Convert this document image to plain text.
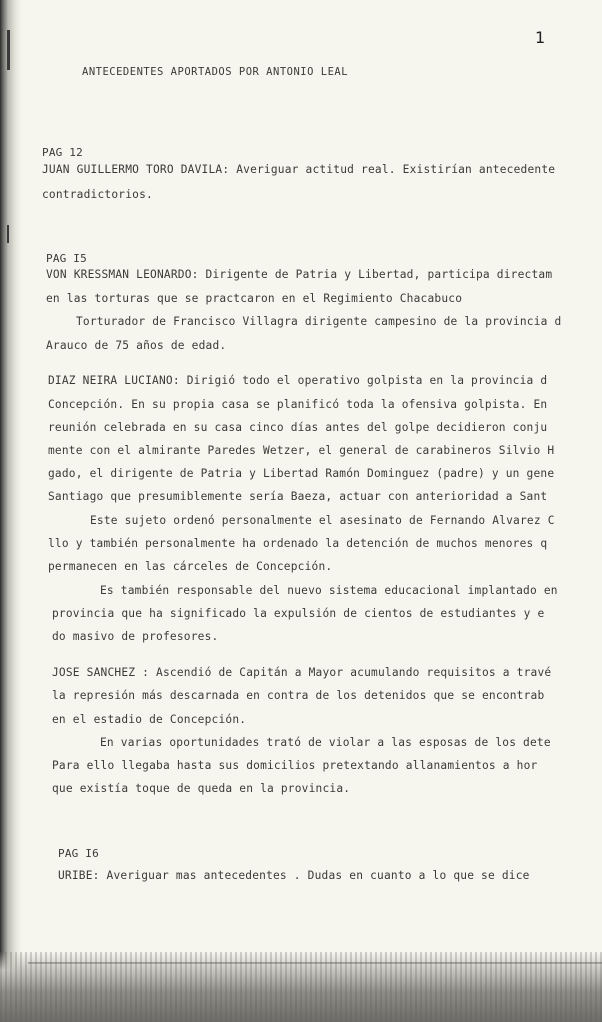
1
ANTECEDENTES APORTADOS POR ANTONIO LEAL
PAG 12
JUAN GUILLERMO TORO DAVILA: Averiguar actitud real. Existirían antecedente
contradictorios.
PAG I5
VON KRESSMAN LEONARDO: Dirigente de Patria y Libertad, participa directam
en las torturas que se practcaron en el Regimiento Chacabuco
Torturador de Francisco Villagra dirigente campesino de la provincia d
Arauco de 75 años de edad.
DIAZ NEIRA LUCIANO: Dirigió todo el operativo golpista en la provincia d
Concepción. En su propia casa se planificó toda la ofensiva golpista. En
reunión celebrada en su casa cinco días antes del golpe decidieron conju
mente con el almirante Paredes Wetzer, el general de carabineros Silvio H
gado, el dirigente de Patria y Libertad Ramón Dominguez (padre) y un gene
Santiago que presumiblemente sería Baeza, actuar con anterioridad a Sant
Este sujeto ordenó personalmente el asesinato de Fernando Alvarez C
llo y también personalmente ha ordenado la detención de muchos menores q
permanecen en las cárceles de Concepción.
Es también responsable del nuevo sistema educacional implantado en
provincia que ha significado la expulsión de cientos de estudiantes y e
do masivo de profesores.
JOSE SANCHEZ : Ascendió de Capitán a Mayor acumulando requisitos a travé
la represión más descarnada en contra de los detenidos que se encontrab
en el estadio de Concepción.
En varias oportunidades trató de violar a las esposas de los dete
Para ello llegaba hasta sus domicilios pretextando allanamientos a hor
que existía toque de queda en la provincia.
PAG I6
URIBE: Averiguar mas antecedentes . Dudas en cuanto a lo que se dice
